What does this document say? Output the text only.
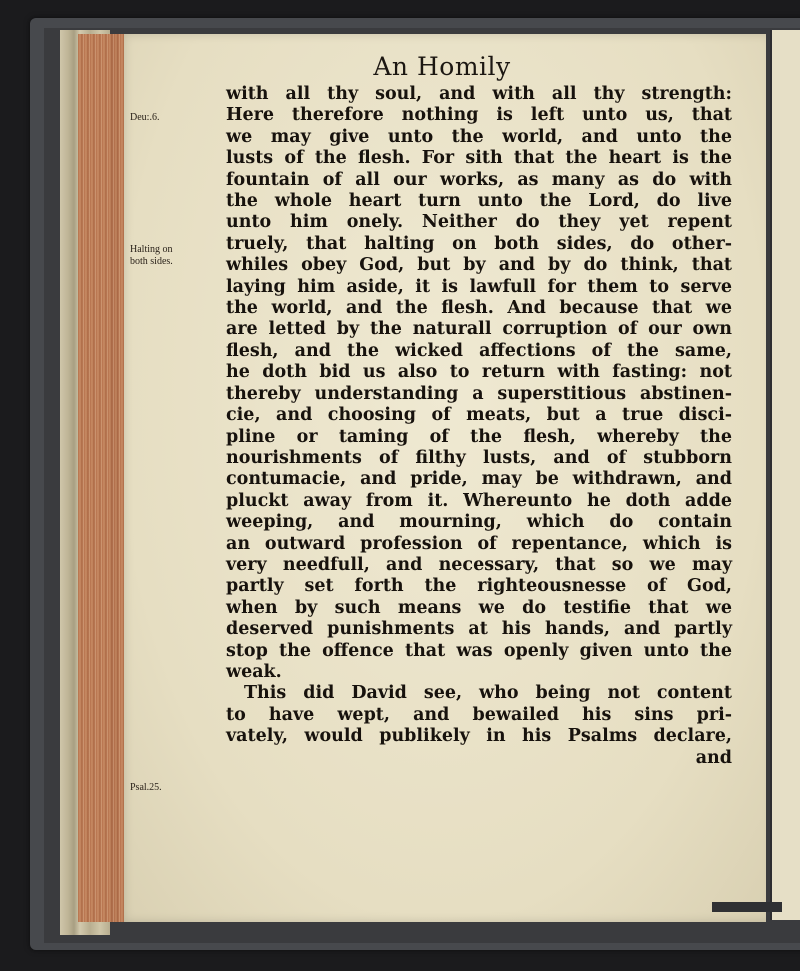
An Homily
Deu:.6.
Halting on
both sides.
Psal.25.
with all thy soul, and with all thy strength:
Here therefore nothing is left unto us, that
we may give unto the world, and unto the
lusts of the flesh. For sith that the heart is the
fountain of all our works, as many as do with
the whole heart turn unto the Lord, do live
unto him onely. Neither do they yet repent
truely, that halting on both sides, do other-
whiles obey God, but by and by do think, that
laying him aside, it is lawfull for them to serve
the world, and the flesh. And because that we
are letted by the naturall corruption of our own
flesh, and the wicked affections of the same,
he doth bid us also to return with fasting: not
thereby understanding a superstitious abstinen-
cie, and choosing of meats, but a true disci-
pline or taming of the flesh, whereby the
nourishments of filthy lusts, and of stubborn
contumacie, and pride, may be withdrawn, and
pluckt away from it. Whereunto he doth adde
weeping, and mourning, which do contain
an outward profession of repentance, which is
very needfull, and necessary, that so we may
partly set forth the righteousnesse of God,
when by such means we do testifie that we
deserved punishments at his hands, and partly
stop the offence that was openly given unto the
weak.
This did David see, who being not content
to have wept, and bewailed his sins pri-
vately, would publikely in his Psalms declare,
and
